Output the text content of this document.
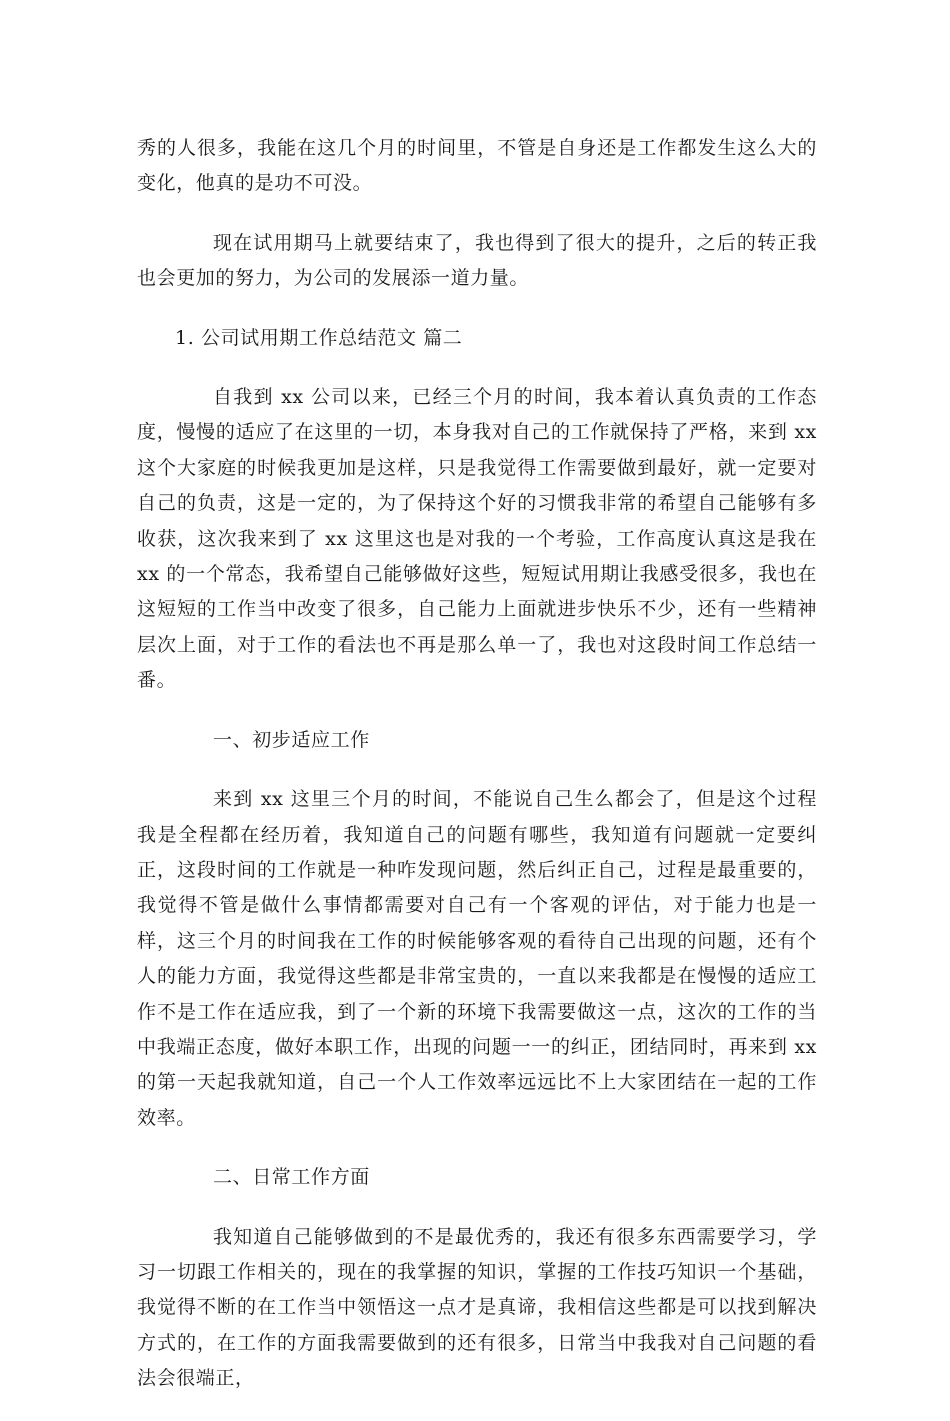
秀的人很多，我能在这几个月的时间里，不管是自身还是工作都发生这么大的变化，他真的是功不可没。

现在试用期马上就要结束了，我也得到了很大的提升，之后的转正我也会更加的努力，为公司的发展添一道力量。

1. 公司试用期工作总结范文 篇二

自我到 xx 公司以来，已经三个月的时间，我本着认真负责的工作态度，慢慢的适应了在这里的一切，本身我对自己的工作就保持了严格，来到 xx 这个大家庭的时候我更加是这样，只是我觉得工作需要做到最好，就一定要对自己的负责，这是一定的，为了保持这个好的习惯我非常的希望自己能够有多收获，这次我来到了 xx 这里这也是对我的一个考验，工作高度认真这是我在 xx 的一个常态，我希望自己能够做好这些，短短试用期让我感受很多，我也在这短短的工作当中改变了很多，自己能力上面就进步快乐不少，还有一些精神层次上面，对于工作的看法也不再是那么单一了，我也对这段时间工作总结一番。

一、初步适应工作

来到 xx 这里三个月的时间，不能说自己生么都会了，但是这个过程我是全程都在经历着，我知道自己的问题有哪些，我知道有问题就一定要纠正，这段时间的工作就是一种咋发现问题，然后纠正自己，过程是最重要的，我觉得不管是做什么事情都需要对自己有一个客观的评估，对于能力也是一样，这三个月的时间我在工作的时候能够客观的看待自己出现的问题，还有个人的能力方面，我觉得这些都是非常宝贵的，一直以来我都是在慢慢的适应工作不是工作在适应我，到了一个新的环境下我需要做这一点，这次的工作的当中我端正态度，做好本职工作，出现的问题一一的纠正，团结同时，再来到 xx 的第一天起我就知道，自己一个人工作效率远远比不上大家团结在一起的工作效率。

二、日常工作方面

我知道自己能够做到的不是最优秀的，我还有很多东西需要学习，学习一切跟工作相关的，现在的我掌握的知识，掌握的工作技巧知识一个基础，我觉得不断的在工作当中领悟这一点才是真谛，我相信这些都是可以找到解决方式的，在工作的方面我需要做到的还有很多，日常当中我我对自己问题的看法会很端正，
